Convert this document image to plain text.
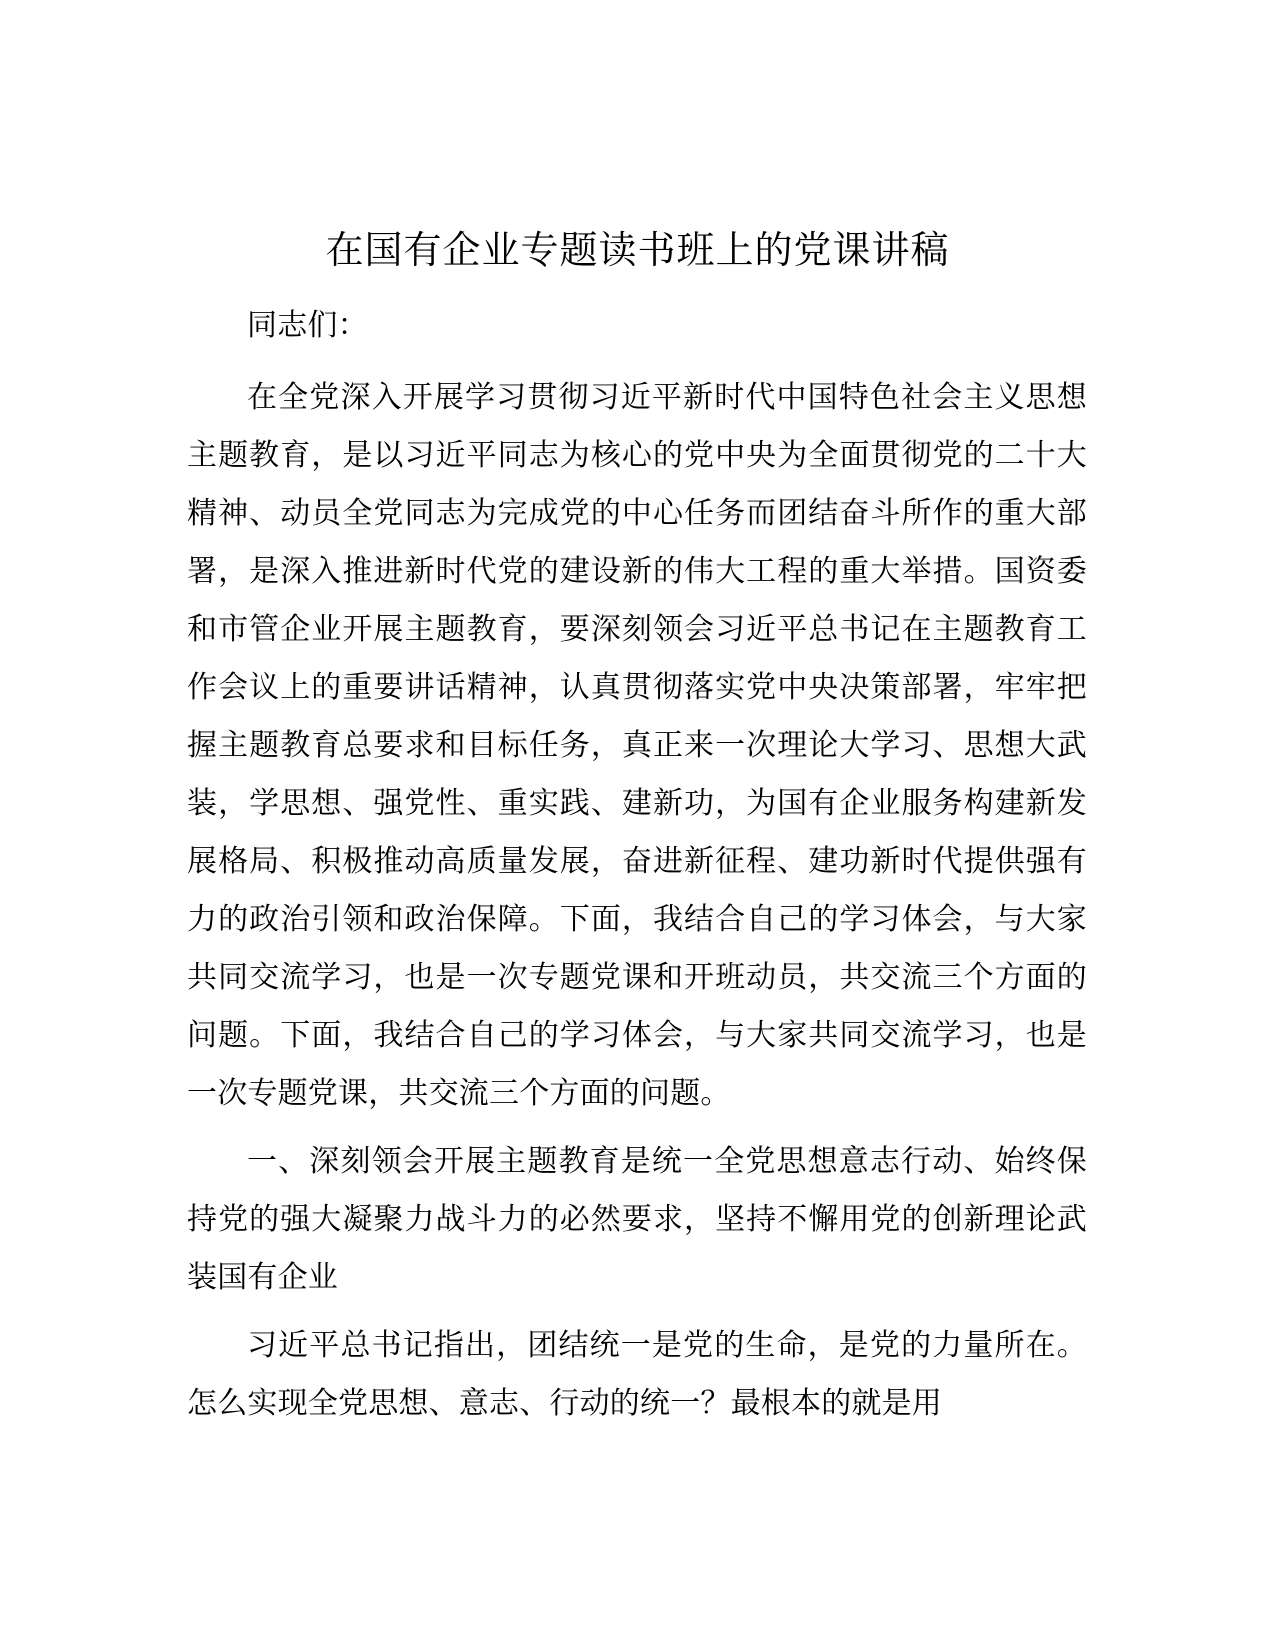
在国有企业专题读书班上的党课讲稿

同志们：

在全党深入开展学习贯彻习近平新时代中国特色社会主义思想主题教育，是以习近平同志为核心的党中央为全面贯彻党的二十大精神、动员全党同志为完成党的中心任务而团结奋斗所作的重大部署，是深入推进新时代党的建设新的伟大工程的重大举措。国资委和市管企业开展主题教育，要深刻领会习近平总书记在主题教育工作会议上的重要讲话精神，认真贯彻落实党中央决策部署，牢牢把握主题教育总要求和目标任务，真正来一次理论大学习、思想大武装，学思想、强党性、重实践、建新功，为国有企业服务构建新发展格局、积极推动高质量发展，奋进新征程、建功新时代提供强有力的政治引领和政治保障。下面，我结合自己的学习体会，与大家共同交流学习，也是一次专题党课和开班动员，共交流三个方面的问题。下面，我结合自己的学习体会，与大家共同交流学习，也是一次专题党课，共交流三个方面的问题。

一、深刻领会开展主题教育是统一全党思想意志行动、始终保持党的强大凝聚力战斗力的必然要求，坚持不懈用党的创新理论武装国有企业

习近平总书记指出，团结统一是党的生命，是党的力量所在。怎么实现全党思想、意志、行动的统一？最根本的就是用
